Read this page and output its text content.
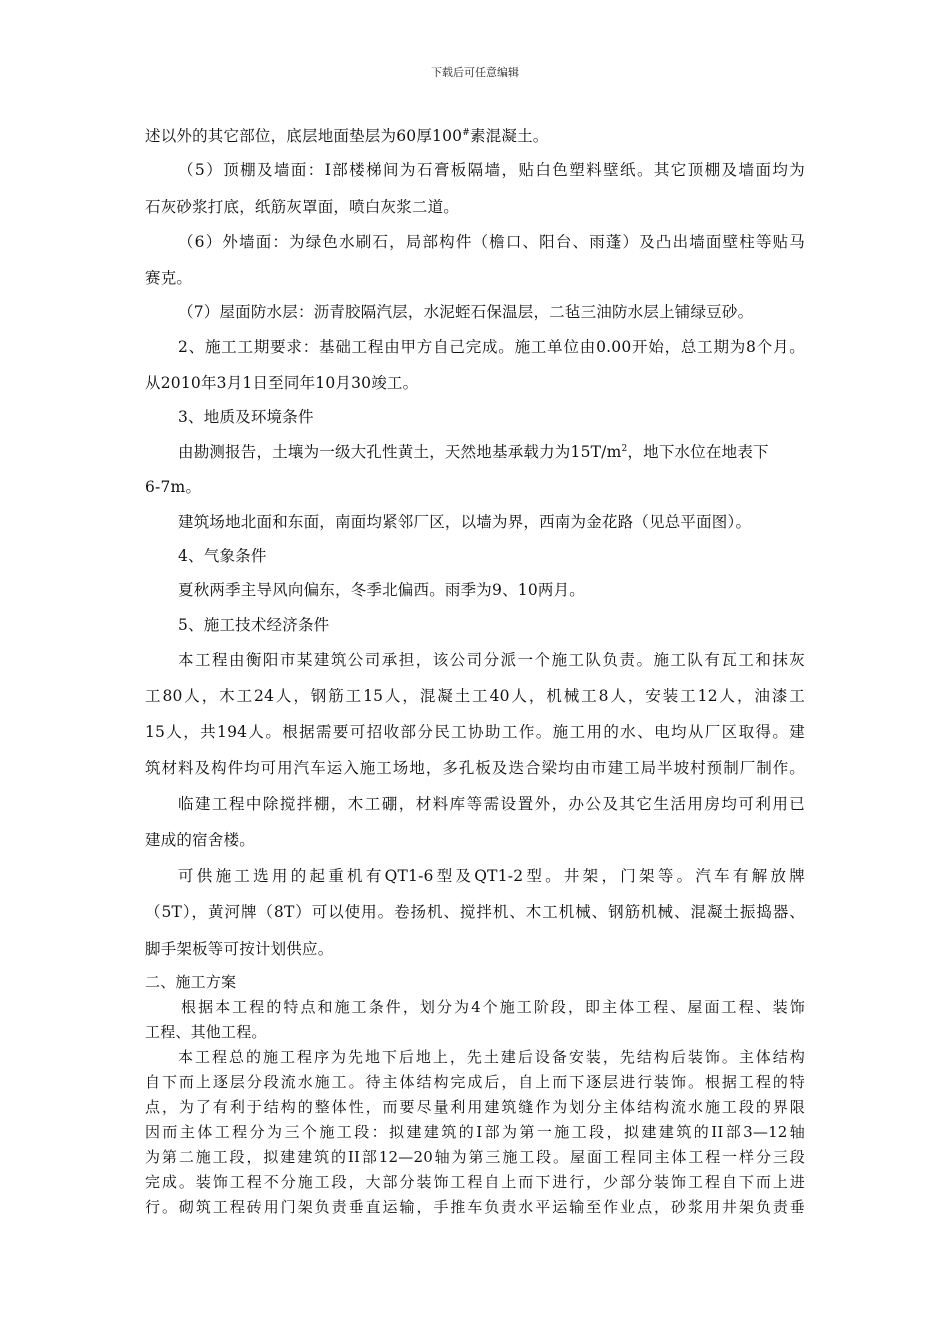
下载后可任意编辑

述以外的其它部位，底层地面垫层为60厚100#素混凝土。

（5）顶棚及墙面：I部楼梯间为石膏板隔墙，贴白色塑料壁纸。其它顶棚及墙面均为

石灰砂浆打底，纸筋灰罩面，喷白灰浆二道。

（6）外墙面：为绿色水刷石，局部构件（檐口、阳台、雨蓬）及凸出墙面壁柱等贴马

赛克。

（7）屋面防水层：沥青胶隔汽层，水泥蛭石保温层，二毡三油防水层上铺绿豆砂。

2、施工工期要求：基础工程由甲方自己完成。施工单位由0.00开始，总工期为8个月。

从2010年3月1日至同年10月30竣工。

3、地质及环境条件

由勘测报告，土壤为一级大孔性黄土，天然地基承载力为$15T/m^2$，地下水位在地表下

6-7m。

建筑场地北面和东面，南面均紧邻厂区，以墙为界，西南为金花路（见总平面图）。

4、气象条件

夏秋两季主导风向偏东，冬季北偏西。雨季为9、10两月。

5、施工技术经济条件

本工程由衡阳市某建筑公司承担，该公司分派一个施工队负责。施工队有瓦工和抹灰

工80人，木工24人，钢筋工15人，混凝土工40人，机械工8人，安装工12人，油漆工

15人，共194人。根据需要可招收部分民工协助工作。施工用的水、电均从厂区取得。建

筑材料及构件均可用汽车运入施工场地，多孔板及迭合梁均由市建工局半坡村预制厂制作。

临建工程中除搅拌棚，木工硼，材料库等需设置外，办公及其它生活用房均可利用已

建成的宿舍楼。

可供施工选用的起重机有QT1-6型及QT1-2型。井架，门架等。汽车有解放牌

（5T），黄河牌（8T）可以使用。卷扬机、搅拌机、木工机械、钢筋机械、混凝土振捣器、

脚手架板等可按计划供应。

二、施工方案

根据本工程的特点和施工条件，划分为4个施工阶段，即主体工程、屋面工程、装饰

工程、其他工程。

本工程总的施工程序为先地下后地上，先土建后设备安装，先结构后装饰。主体结构

自下而上逐层分段流水施工。待主体结构完成后，自上而下逐层进行装饰。根据工程的特

点，为了有利于结构的整体性，而要尽量利用建筑缝作为划分主体结构流水施工段的界限

因而主体工程分为三个施工段：拟建建筑的I部为第一施工段，拟建建筑的II部3—12轴

为第二施工段，拟建建筑的II部12—20轴为第三施工段。屋面工程同主体工程一样分三段

完成。装饰工程不分施工段，大部分装饰工程自上而下进行，少部分装饰工程自下而上进

行。砌筑工程砖用门架负责垂直运输，手推车负责水平运输至作业点，砂浆用井架负责垂
